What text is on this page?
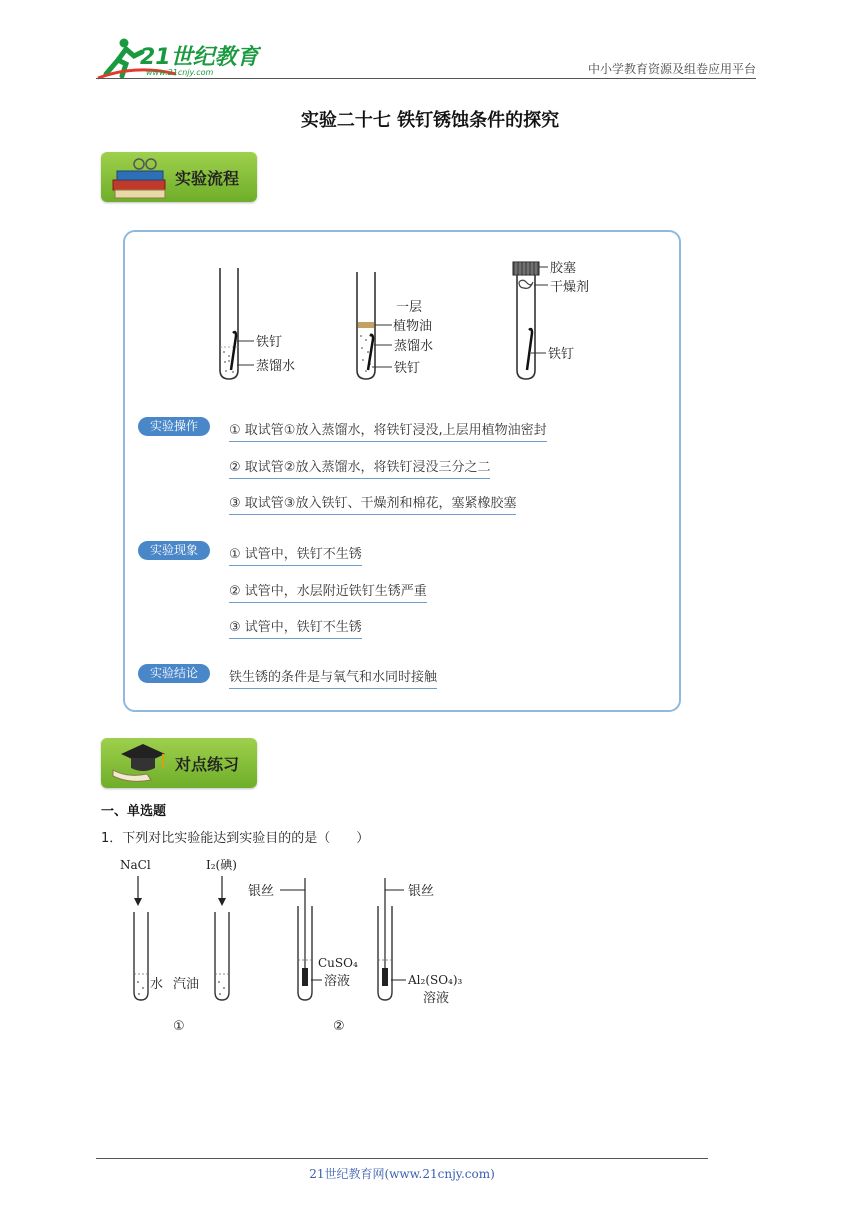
21世纪教育
www.21cnjy.com	中小学教育资源及组卷应用平台
实验二十七 铁钉锈蚀条件的探究
实验流程
铁钉
蒸馏水
一层
植物油
蒸馏水
铁钉
胶塞
干燥剂
铁钉
实验操作	① 取试管①放入蒸馏水，将铁钉浸没,上层用植物油密封
② 取试管②放入蒸馏水，将铁钉浸没三分之二
③ 取试管③放入铁钉、干燥剂和棉花，塞紧橡胶塞
实验现象	① 试管中，铁钉不生锈
② 试管中，水层附近铁钉生锈严重
③ 试管中，铁钉不生锈
实验结论	铁生锈的条件是与氧气和水同时接触
对点练习
一、单选题
1．下列对比实验能达到实验目的的是（　　）
NaCl
水
I₂(碘)
汽油
①
银丝
CuSO₄
溶液
②
银丝
Al₂(SO₄)₃
溶液
21世纪教育网(www.21cnjy.com)
